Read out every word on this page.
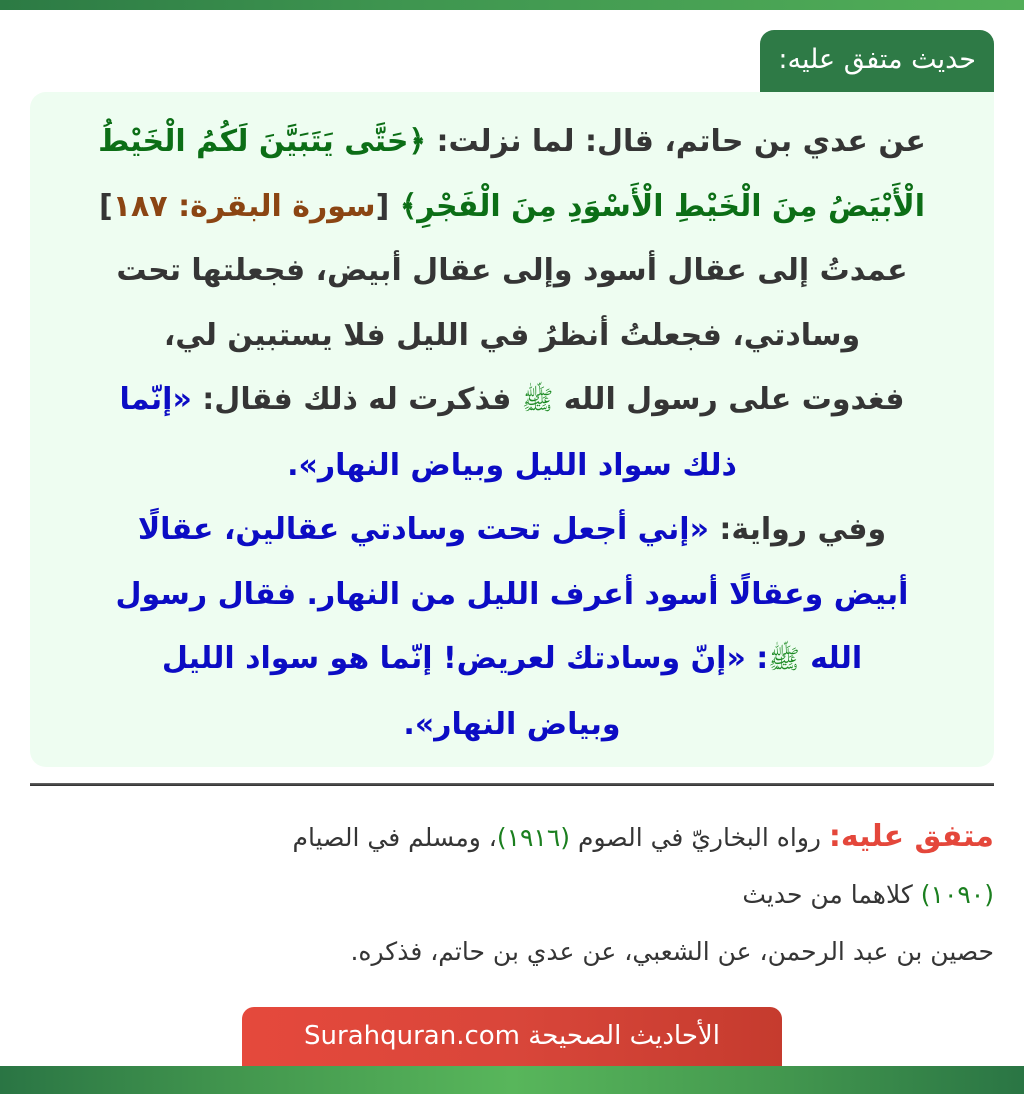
حديث متفق عليه:
عن عدي بن حاتم، قال: لما نزلت: ﴿حَتَّى يَتَبَيَّنَ لَكُمُ الْخَيْطُ
الْأَبْيَضُ مِنَ الْخَيْطِ الْأَسْوَدِ مِنَ الْفَجْرِ﴾ [سورة البقرة: ١٨٧]
عمدتُ إلى عقال أسود وإلى عقال أبيض، فجعلتها تحت
وسادتي، فجعلتُ أنظرُ في الليل فلا يستبين لي،
فغدوت على رسول الله ﷺ فذكرت له ذلك فقال: «إنّما
ذلك سواد الليل وبياض النهار».
وفي رواية: «إني أجعل تحت وسادتي عقالين، عقالًا
أبيض وعقالًا أسود أعرف الليل من النهار. فقال رسول
الله ﷺ: «إنّ وسادتك لعريض! إنّما هو سواد الليل
وبياض النهار».
متفق عليه: رواه البخاريّ في الصوم (١٩١٦)، ومسلم في الصيام
(١٠٩٠) كلاهما من حديث
حصين بن عبد الرحمن، عن الشعبي، عن عدي بن حاتم، فذكره.
الأحاديث الصحيحة Surahquran.com
